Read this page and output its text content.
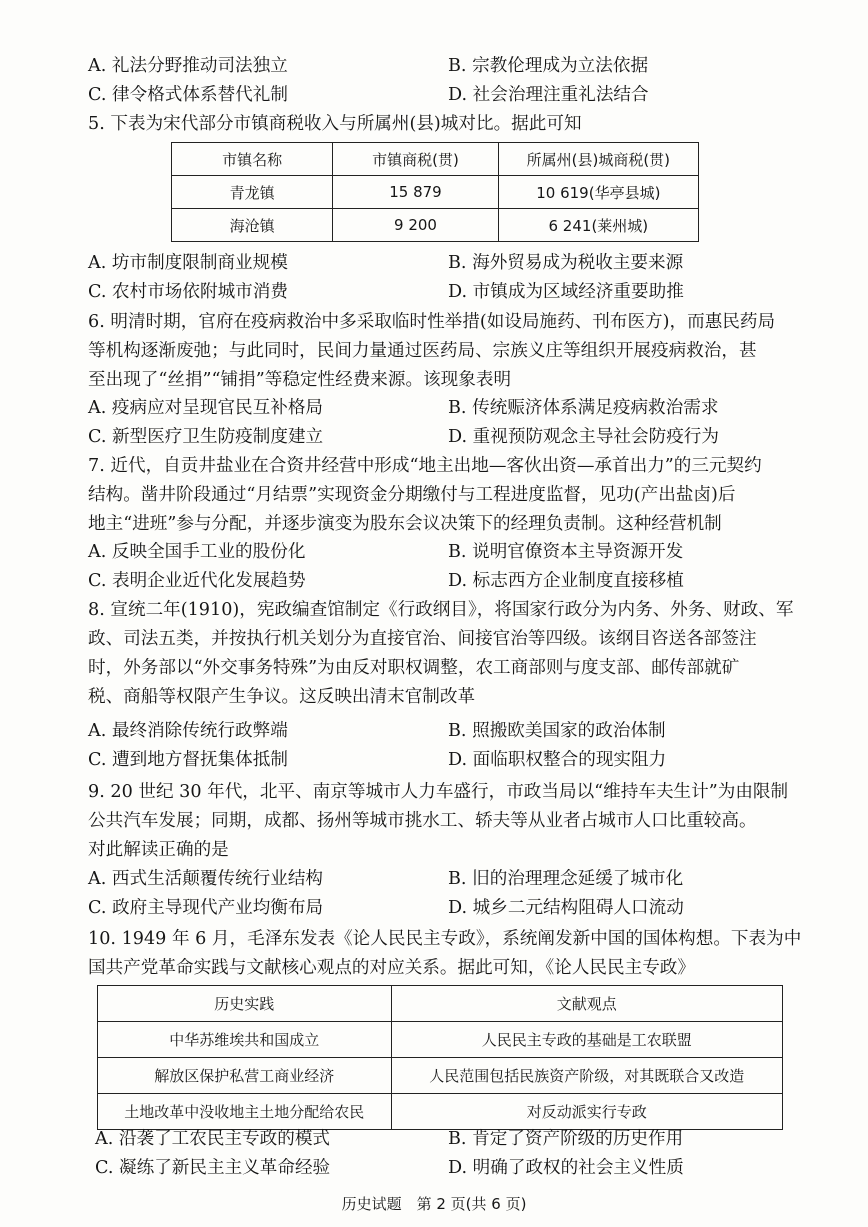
A. 礼法分野推动司法独立	B. 宗教伦理成为立法依据
C. 律令格式体系替代礼制	D. 社会治理注重礼法结合
5. 下表为宋代部分市镇商税收入与所属州(县)城对比。据此可知
市镇名称	市镇商税(贯)	所属州(县)城商税(贯)
青龙镇	15 879	10 619(华亭县城)
海沧镇	9 200	6 241(莱州城)
A. 坊市制度限制商业规模	B. 海外贸易成为税收主要来源
C. 农村市场依附城市消费	D. 市镇成为区域经济重要助推
6. 明清时期，官府在疫病救治中多采取临时性举措(如设局施药、刊布医方)，而惠民药局
等机构逐渐废弛；与此同时，民间力量通过医药局、宗族义庄等组织开展疫病救治，甚
至出现了“丝捐”“铺捐”等稳定性经费来源。该现象表明
A. 疫病应对呈现官民互补格局	B. 传统赈济体系满足疫病救治需求
C. 新型医疗卫生防疫制度建立	D. 重视预防观念主导社会防疫行为
7. 近代，自贡井盐业在合资井经营中形成“地主出地—客伙出资—承首出力”的三元契约
结构。凿井阶段通过“月结票”实现资金分期缴付与工程进度监督，见功(产出盐卤)后
地主“进班”参与分配，并逐步演变为股东会议决策下的经理负责制。这种经营机制
A. 反映全国手工业的股份化	B. 说明官僚资本主导资源开发
C. 表明企业近代化发展趋势	D. 标志西方企业制度直接移植
8. 宣统二年(1910)，宪政编查馆制定《行政纲目》，将国家行政分为内务、外务、财政、军
政、司法五类，并按执行机关划分为直接官治、间接官治等四级。该纲目咨送各部签注
时，外务部以“外交事务特殊”为由反对职权调整，农工商部则与度支部、邮传部就矿
税、商船等权限产生争议。这反映出清末官制改革
A. 最终消除传统行政弊端	B. 照搬欧美国家的政治体制
C. 遭到地方督抚集体抵制	D. 面临职权整合的现实阻力
9. 20 世纪 30 年代，北平、南京等城市人力车盛行，市政当局以“维持车夫生计”为由限制
公共汽车发展；同期，成都、扬州等城市挑水工、轿夫等从业者占城市人口比重较高。
对此解读正确的是
A. 西式生活颠覆传统行业结构	B. 旧的治理理念延缓了城市化
C. 政府主导现代产业均衡布局	D. 城乡二元结构阻碍人口流动
10. 1949 年 6 月，毛泽东发表《论人民民主专政》，系统阐发新中国的国体构想。下表为中
国共产党革命实践与文献核心观点的对应关系。据此可知，《论人民民主专政》
历史实践	文献观点
中华苏维埃共和国成立	人民民主专政的基础是工农联盟
解放区保护私营工商业经济	人民范围包括民族资产阶级，对其既联合又改造
土地改革中没收地主土地分配给农民	对反动派实行专政
A. 沿袭了工农民主专政的模式	B. 肯定了资产阶级的历史作用
C. 凝练了新民主主义革命经验	D. 明确了政权的社会主义性质
历史试题　第 2 页(共 6 页)
